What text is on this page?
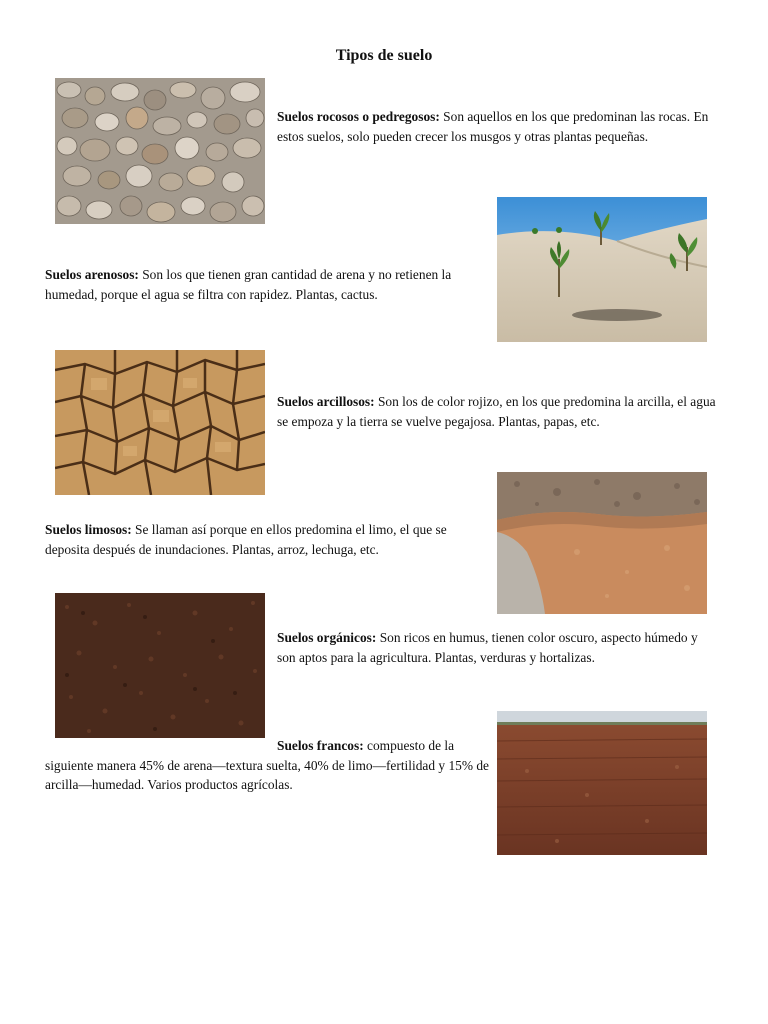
Tipos de suelo

Suelos rocosos o pedregosos: Son aquellos en los que predominan las rocas. En estos suelos, solo pueden crecer los musgos y otras plantas pequeñas.

Suelos arenosos: Son los que tienen gran cantidad de arena y no retienen la humedad, porque el agua se filtra con rapidez. Plantas, cactus.

Suelos arcillosos: Son los de color rojizo, en los que predomina la arcilla, el agua se empoza y la tierra se vuelve pegajosa. Plantas, papas, etc.

Suelos limosos: Se llaman así porque en ellos predomina el limo, el que se deposita después de inundaciones. Plantas, arroz, lechuga, etc.

Suelos orgánicos: Son ricos en humus, tienen color oscuro, aspecto húmedo y son aptos para la agricultura. Plantas, verduras y hortalizas.

Suelos francos: compuesto de la siguiente manera 45% de arena—textura suelta, 40% de limo—fertilidad y 15% de arcilla—humedad. Varios productos agrícolas.
